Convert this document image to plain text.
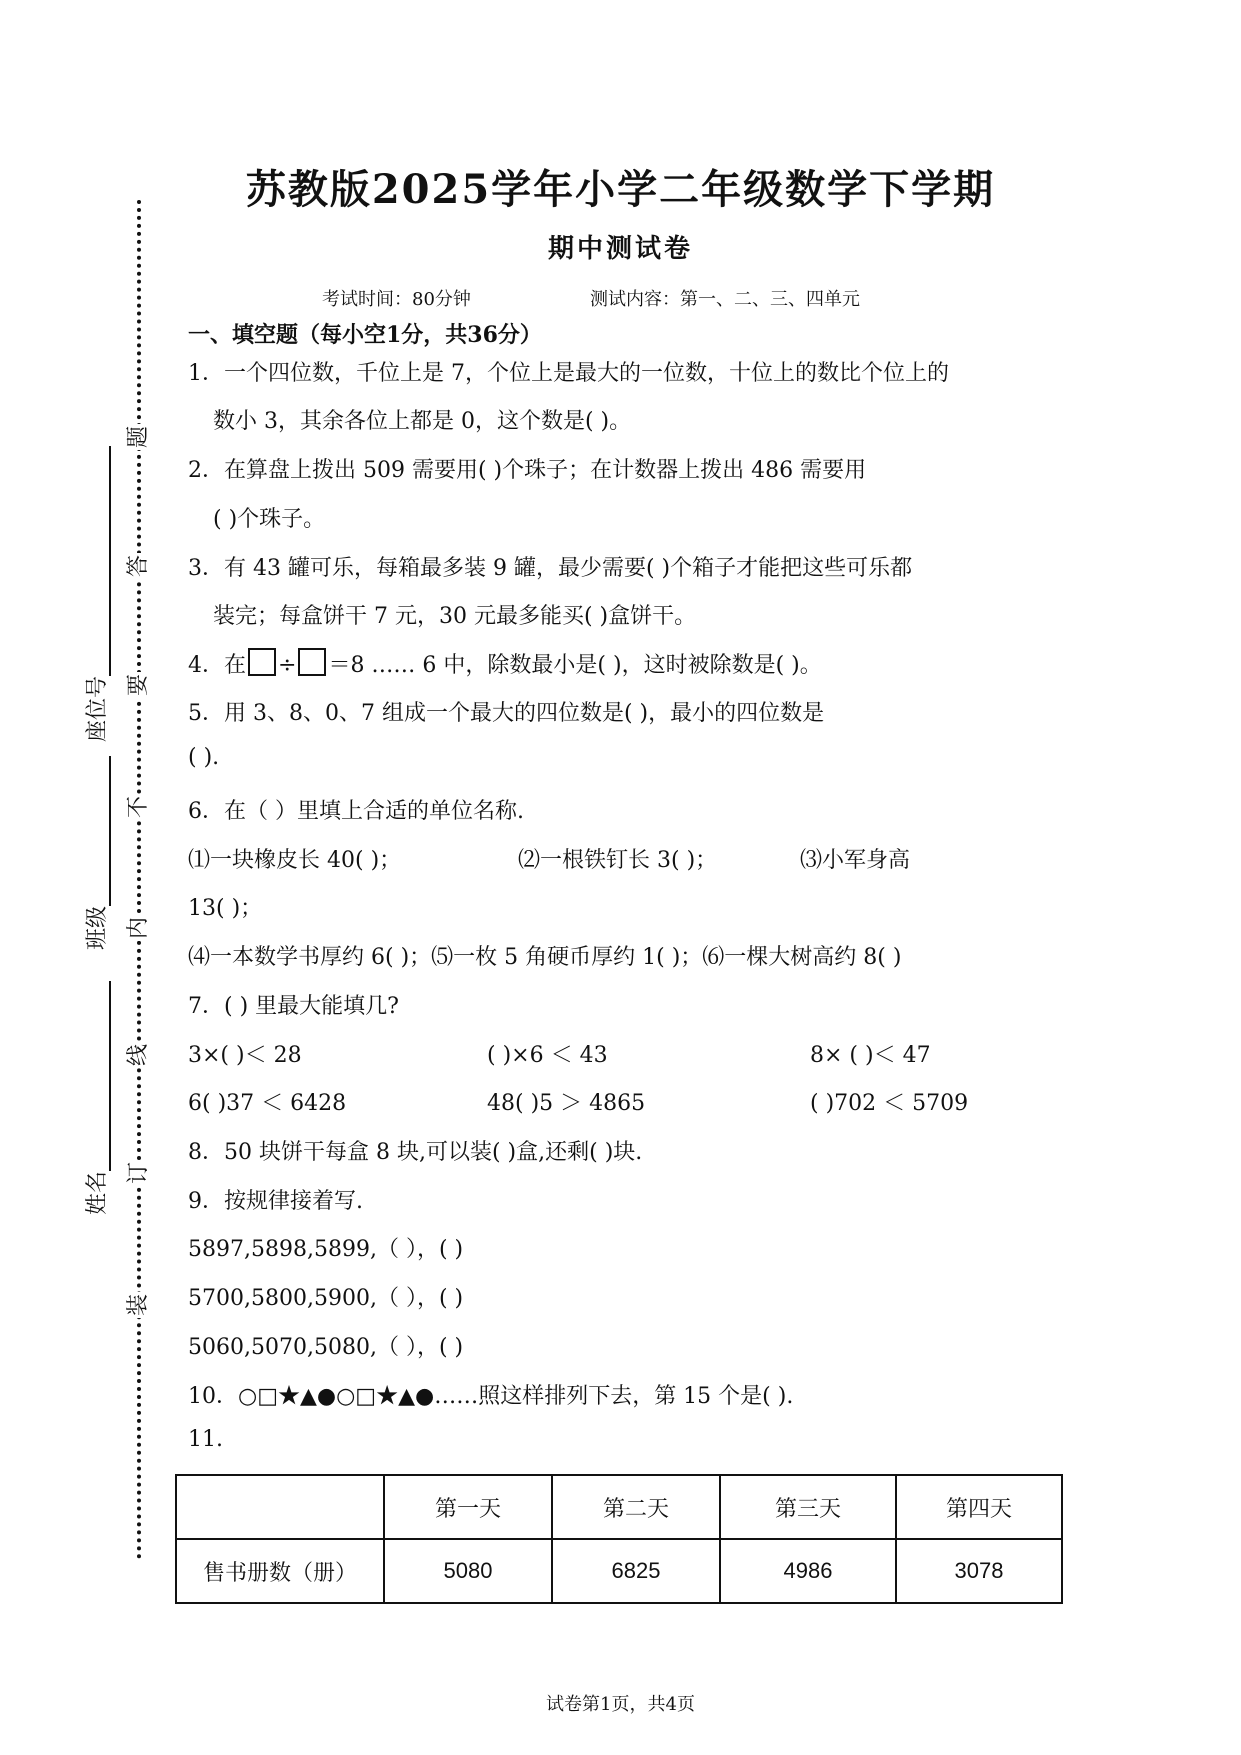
题
答
要
不
内
线
订
装
座位号
班级
姓名
苏教版2025学年小学二年级数学下学期
期中测试卷
考试时间：80分钟	测试内容：第一、二、三、四单元
一、填空题（每小空1分，共36分）
1．一个四位数，千位上是 7，个位上是最大的一位数，十位上的数比个位上的
数小 3，其余各位上都是 0，这个数是( )。
2．在算盘上拨出 509 需要用( )个珠子；在计数器上拨出 486 需要用
( )个珠子。
3．有 43 罐可乐，每箱最多装 9 罐，最少需要( )个箱子才能把这些可乐都
装完；每盒饼干 7 元，30 元最多能买( )盒饼干。
4．在 ÷ ＝8 …… 6 中，除数最小是( )，这时被除数是( )。
5．用 3、8、0、7 组成一个最大的四位数是( )，最小的四位数是
( ).
6．在（ ）里填上合适的单位名称.
⑴一块橡皮长 40( )；	⑵一根铁钉长 3( )；	⑶小军身高
13( )；
⑷一本数学书厚约 6( )；⑸一枚 5 角硬币厚约 1( )；⑹一棵大树高约 8( )
7．( ) 里最大能填几?
3×( )＜ 28	( )×6 ＜ 43	8× ( )＜ 47
6( )37 ＜ 6428	48( )5 ＞ 4865	( )702 ＜ 5709
8．50 块饼干每盒 8 块,可以装( )盒,还剩( )块.
9．按规律接着写.
5897,5898,5899,（ ），( )
5700,5800,5900,（ ），( )
5060,5070,5080,（ ），( )
10．○□★▲●○□★▲●……照这样排列下去，第 15 个是( ).
11.
	第一天	第二天	第三天	第四天
售书册数（册）	5080	6825	4986	3078
试卷第1页，共4页
